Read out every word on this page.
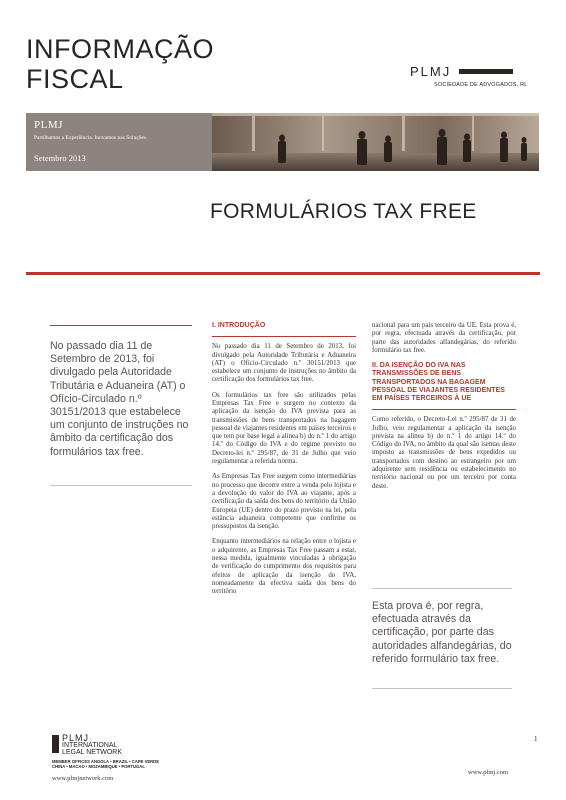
INFORMAÇÃO
FISCAL	PLMJ
SOCIEDADE DE ADVOGADOS, RL
PLMJ
Partilhamos a Experiência. Inovamos nas Soluções.
Setembro 2013
FORMULÁRIOS TAX FREE
No passado dia 11 de Setembro de 2013, foi divulgado pela Autoridade Tributária e Aduaneira (AT) o Ofício-Circulado n.º 30151/2013 que estabelece um conjunto de instruções no âmbito da certificação dos formulários tax free.
I. INTRODUÇÃO

No passado dia 11 de Setembro de 2013, foi divulgado pela Autoridade Tributária e Aduaneira (AT) o Ofício-Circulado n.º 30151/2013 que estabelece um conjunto de instruções no âmbito da certificação dos formulários tax free.

Os formulários tax free são utilizados pelas Empresas Tax Free e surgem no contexto da aplicação da isenção do IVA prevista para as transmissões de bens transportados na bagagem pessoal de viajantes residentes em países terceiros e que tem por base legal a alínea b) do n.º 1 do artigo 14.º do Código do IVA e do regime previsto no Decreto-lei n.º 295/87, de 31 de Julho que veio regulamentar a referida norma.

As Empresas Tax Free surgem como intermediárias no processo que decorre entre a venda pelo lojista e a devolução do valor do IVA ao viajante, após a certificação da saída dos bens do território da União Europeia (UE) dentro do prazo previsto na lei, pela estância aduaneira competente que confirme os pressupostos da isenção.

Enquanto intermediários na relação entre o lojista e o adquirente, as Empresas Tax Free passam a estar, nessa medida, igualmente vinculadas à obrigação de verificação do cumprimento dos requisitos para efeitos de aplicação da isenção do IVA, nomeadamente da efectiva saída dos bens do território

nacional para um país terceiro da UE. Esta prova é, por regra, efectuada através da certificação, por parte das autoridades alfandegárias, do referido formulário tax free.

II. DA ISENÇÃO DO IVA NAS TRANSMISSÕES DE BENS TRANSPORTADOS NA BAGAGEM PESSOAL DE VIAJANTES RESIDENTES EM PAÍSES TERCEIROS À UE

Como referido, o Decreto-Lei n.º 295/87 de 31 de Julho, veio regulamentar a aplicação da isenção prevista na alínea b) do n.º 1 do artigo 14.º do Código do IVA, no âmbito da qual são isentas deste imposto as transmissões de bens expedidos ou transportados com destino ao estrangeiro por um adquirente sem residência ou estabelecimento no território nacional ou por um terceiro por conta deste.

Esta prova é, por regra, efectuada através da certificação, por parte das autoridades alfandegárias, do referido formulário tax free.
1
PLMJ
INTERNATIONAL
LEGAL NETWORK
MEMBER OFFICES ANGOLA • BRAZIL • CAPE VERDE
CHINA • MACAO • MOZAMBIQUE • PORTUGAL
www.plmjnetwork.com
www.plmj.com
